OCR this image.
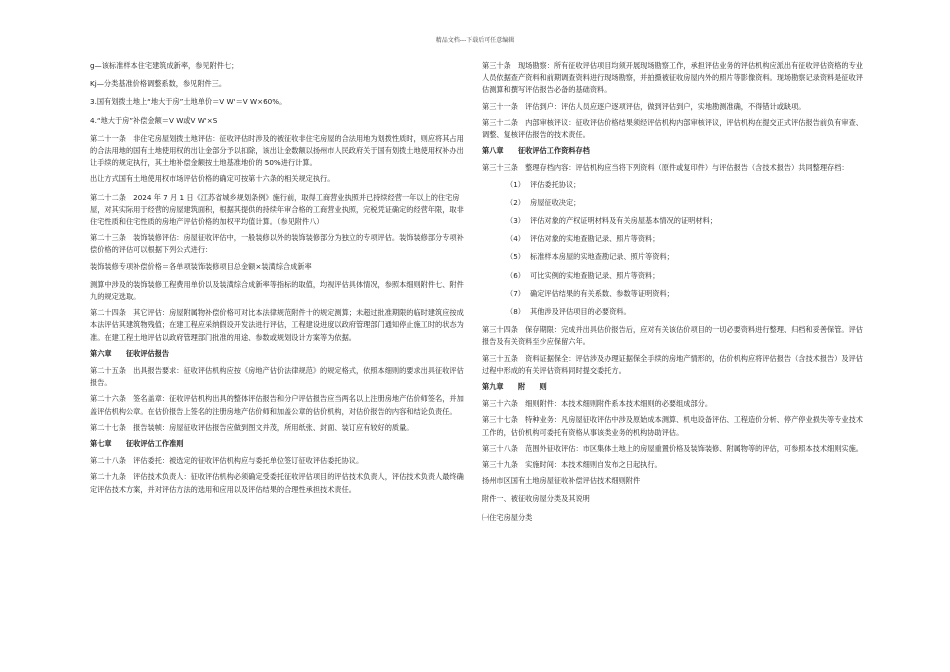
精品文档---下载后可任意编辑
g—该标准样本住宅建筑成新率，参见附件七；
Kj—分类基准价格调整系数，参见附件三。
3.国有划拨土地上“地大于房”土地单价＝V W'＝V W×60%。
4.“地大于房”补偿金额＝V W或V W'×S
第二十一条　非住宅房屋划拨土地评估：征收评估时涉及的被征收非住宅房屋的合法用地为划拨性质时，则应将其占用的合法用地的国有土地使用权的出让金部分予以扣除，该出让金数额以扬州市人民政府关于国有划拨土地使用权补办出让手续的规定执行，其土地补偿金额按土地基准地价的 50%进行计算。
出让方式国有土地使用权市场评估价格的确定可按第十六条的相关规定执行。
第二十二条　2024 年 7 月 1 日《江苏省城乡规划条例》施行前，取得工商营业执照并已持续经营一年以上的住宅房屋，对其实际用于经营的房屋建筑面积，根据其提供的持续年审合格的工商营业执照，完税凭证确定的经营年限，取非住宅性质和住宅性质的房地产评估价格的加权平均值计算。（参见附件八）
第二十三条　装饰装修评估：房屋征收评估中，一般装修以外的装饰装修部分为独立的专项评估。装饰装修部分专项补偿价格的评估可以根据下列公式进行：
装饰装修专项补偿价格＝各单项装饰装修项目总金额×装潢综合成新率
测算中涉及的装饰装修工程费用单价以及装潢综合成新率等指标的取值，均视评估具体情况，参照本细则附件七、附件九的规定选取。
第二十四条　其它评估：房屋附属物补偿价格可对比本法律规范附件十的规定测算；未超过批准期限的临时建筑应按成本法评估其建筑物残值；在建工程应采纳假设开发法进行评估，工程建设进度以政府管理部门通知停止施工时的状态为准。在建工程土地评估以政府管理部门批准的用途、参数或规划设计方案等为依据。
第六章　　征收评估报告
第二十五条　出具报告要求：征收评估机构应按《房地产估价法律规范》的规定格式，依照本细则的要求出具征收评估报告。
第二十六条　签名盖章：征收评估机构出具的整体评估报告和分户评估报告应当两名以上注册房地产估价师签名，并加盖评估机构公章。在估价报告上签名的注册房地产估价师和加盖公章的估价机构，对估价报告的内容和结论负责任。
第二十七条　报告装帧：房屋征收评估报告应做到图文并茂，所用纸张、封面、装订应有较好的质量。
第七章　　征收评估工作准则
第二十八条　评估委托：被选定的征收评估机构应与委托单位签订征收评估委托协议。
第二十九条　评估技术负责人：征收评估机构必须确定受委托征收评估项目的评估技术负责人，评估技术负责人最终确定评估技术方案，并对评估方法的选用和应用以及评估结果的合理性承担技术责任。
第三十条　现场勘察：所有征收评估项目均须开展现场勘察工作，承担评估业务的评估机构应派出有征收评估资格的专业人员依据查产资料和前期调查资料进行现场勘察，并拍摄被征收房屋内外的照片等影像资料。现场勘察记录资料是征收评估测算和撰写评估报告必备的基础资料。
第三十一条　评估到户：评估人员应逐户逐项评估，做到评估到户，实地勘测准确，不得错计或缺项。
第三十二条　内部审核评议：征收评估价格结果须经评估机构内部审核评议，评估机构在提交正式评估报告前负有审查、调整、复核评估报告的技术责任。
第八章　　征收评估工作资料存档
第三十三条　整理存档内容：评估机构应当将下列资料（原件或复印件）与评估报告（含技术报告）共同整理存档：
（1） 评估委托协议；
（2） 房屋征收决定；
（3） 评估对象的产权证明材料及有关房屋基本情况的证明材料；
（4） 评估对象的实地查勘记录、照片等资料；
（5） 标准样本房屋的实地查勘记录、照片等资料；
（6） 可比实例的实地查勘记录、照片等资料；
（7） 确定评估结果的有关系数、参数等证明资料；
（8） 其他涉及评估项目的必要资料。
第三十四条　保存期限：完成并出具估价报告后，应对有关该估价项目的一切必要资料进行整理、归档和妥善保管。评估报告及有关资料至少应保留六年。
第三十五条　资料证据保全：评估涉及办理证据保全手续的房地产情形的，估价机构应将评估报告（含技术报告）及评估过程中形成的有关评估资料同时提交委托方。
第九章　　附　　则
第三十六条　细则附件：本技术细则附件系本技术细则的必要组成部分。
第三十七条　特种业务：凡房屋征收评估中涉及原始成本测算、机电设备评估、工程造价分析、停产停业损失等专业技术工作的，估价机构可委托有资格从事该类业务的机构协助评估。
第三十八条　范围外征收评估：市区集体土地上的房屋重置价格及装饰装修、附属物等的评估，可参照本技术细则实施。
第三十九条　实施时间：本技术细则自发布之日起执行。
扬州市区国有土地房屋征收补偿评估技术细则附件
附件一、被征收房屋分类及其说明
㈠住宅房屋分类
